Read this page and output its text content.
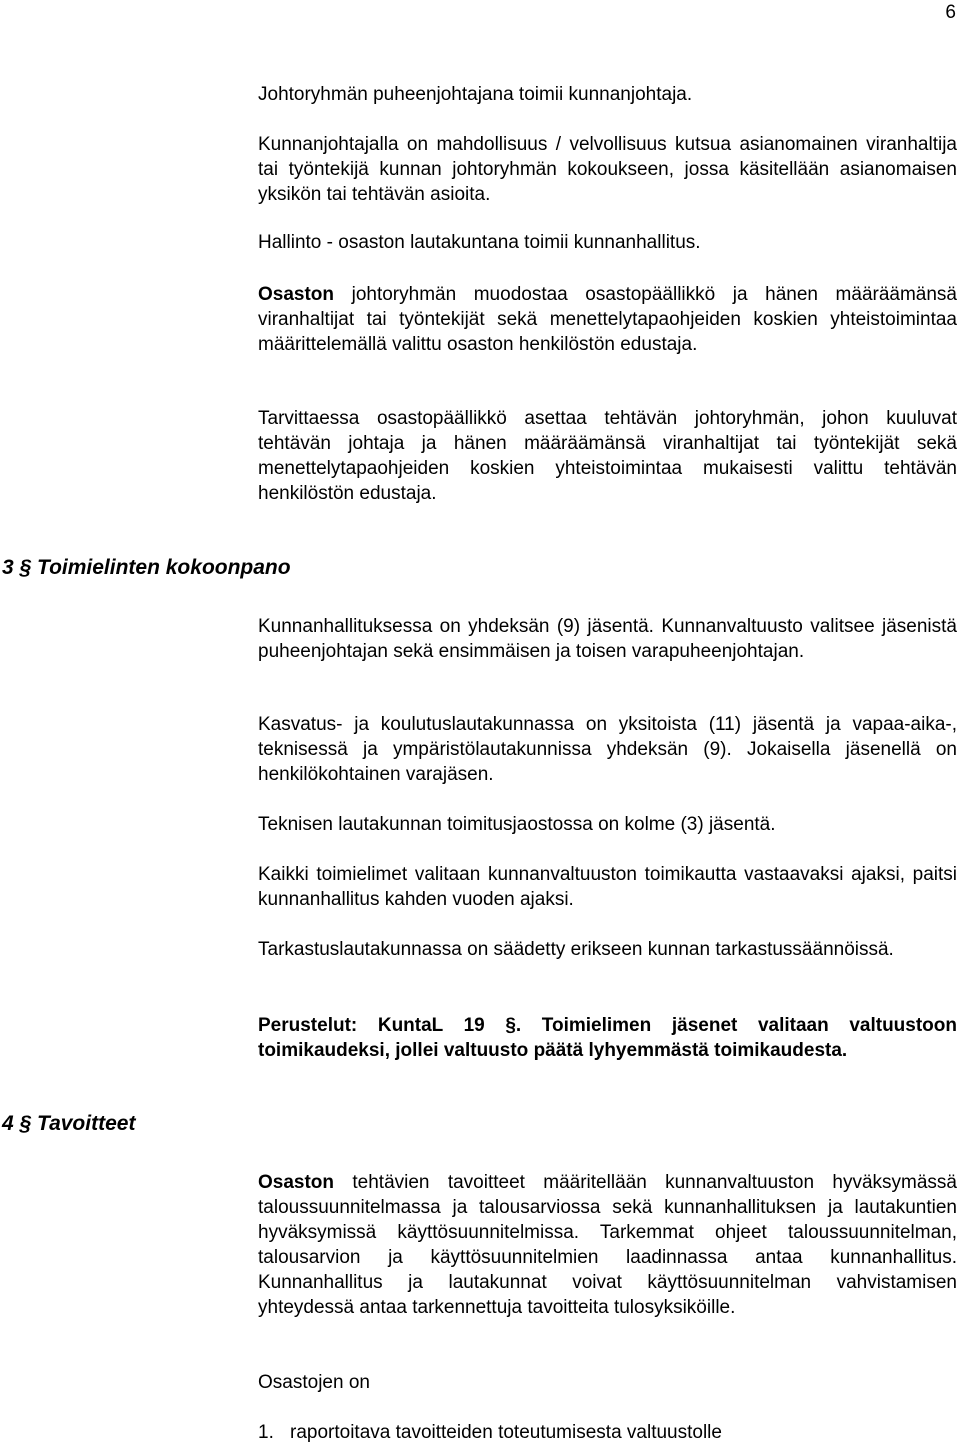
6

Johtoryhmän puheenjohtajana toimii kunnanjohtaja.

Kunnanjohtajalla on mahdollisuus / velvollisuus kutsua asianomainen viranhaltija tai työntekijä kunnan johtoryhmän kokoukseen, jossa käsitellään asianomaisen yksikön tai tehtävän asioita.

Hallinto - osaston lautakuntana toimii kunnanhallitus.

Osaston johtoryhmän muodostaa osastopäällikkö ja hänen määräämänsä viranhaltijat tai työntekijät sekä menettelytapaohjeiden koskien yhteistoimintaa määrittelemällä valittu osaston henkilöstön edustaja.

Tarvittaessa osastopäällikkö asettaa tehtävän johtoryhmän, johon kuuluvat tehtävän johtaja ja hänen määräämänsä viranhaltijat tai työntekijät sekä menettelytapaohjeiden koskien yhteistoimintaa mukaisesti valittu tehtävän henkilöstön edustaja.

3 § Toimielinten kokoonpano

Kunnanhallituksessa on yhdeksän (9) jäsentä. Kunnanvaltuusto valitsee jäsenistä puheenjohtajan sekä ensimmäisen ja toisen varapuheenjohtajan.

Kasvatus- ja koulutuslautakunnassa on yksitoista (11) jäsentä ja vapaa-aika-, teknisessä ja ympäristölautakunnissa yhdeksän (9). Jokaisella jäsenellä on henkilökohtainen varajäsen.

Teknisen lautakunnan toimitusjaostossa on kolme (3) jäsentä.

Kaikki toimielimet valitaan kunnanvaltuuston toimikautta vastaavaksi ajaksi, paitsi kunnanhallitus kahden vuoden ajaksi.

Tarkastuslautakunnassa on säädetty erikseen kunnan tarkastussäännöissä.

Perustelut: KuntaL 19 §. Toimielimen jäsenet valitaan valtuustoon toimikaudeksi, jollei valtuusto päätä lyhyemmästä toimikaudesta.

4 § Tavoitteet

Osaston tehtävien tavoitteet määritellään kunnanvaltuuston hyväksymässä taloussuunnitelmassa ja talousarviossa sekä kunnanhallituksen ja lautakuntien hyväksymissä käyttösuunnitelmissa. Tarkemmat ohjeet taloussuunnitelman, talousarvion ja käyttösuunnitelmien laadinnassa antaa kunnanhallitus. Kunnanhallitus ja lautakunnat voivat käyttösuunnitelman vahvistamisen yhteydessä antaa tarkennettuja tavoitteita tulosyksiköille.

Osastojen on

1. raportoitava tavoitteiden toteutumisesta valtuustolle
